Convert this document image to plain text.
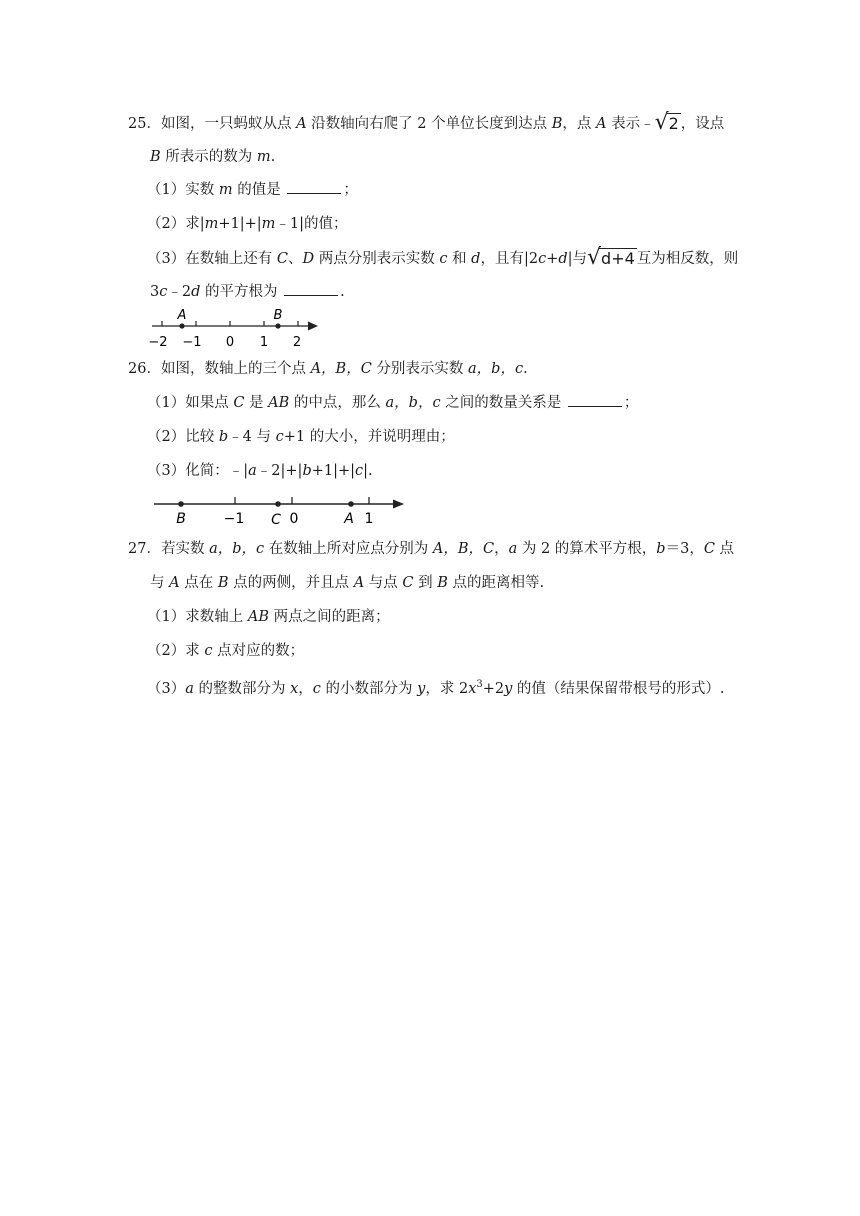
25．如图，一只蚂蚁从点 A 沿数轴向右爬了 2 个单位长度到达点 B，点 A 表示﹣ √ 2 ，设点
B 所表示的数为 m.
（1）实数 m 的值是	；
（2）求|m+1|+|m﹣1|的值；
（3）在数轴上还有 C、D 两点分别表示实数 c 和 d，且有|2c+d|与 √ d+4 互为相反数，则
3c﹣2d 的平方根为	.
A	B
−2 −1 0 1 2
26．如图，数轴上的三个点 A，B，C 分别表示实数 a，b，c.
（1）如果点 C 是 AB 的中点，那么 a，b，c 之间的数量关系是	；
（2）比较 b﹣4 与 c+1 的大小，并说明理由；
（3）化简：﹣|a﹣2|+|b+1|+|c|.
B	−1 C 0	A 1
27．若实数 a，b，c 在数轴上所对应点分别为 A，B，C，a 为 2 的算术平方根，b＝3，C 点
与 A 点在 B 点的两侧，并且点 A 与点 C 到 B 点的距离相等.
（1）求数轴上 AB 两点之间的距离；
（2）求 c 点对应的数；
（3）a 的整数部分为 x，c 的小数部分为 y，求 $2x^3+2y$ 的值（结果保留带根号的形式）.
